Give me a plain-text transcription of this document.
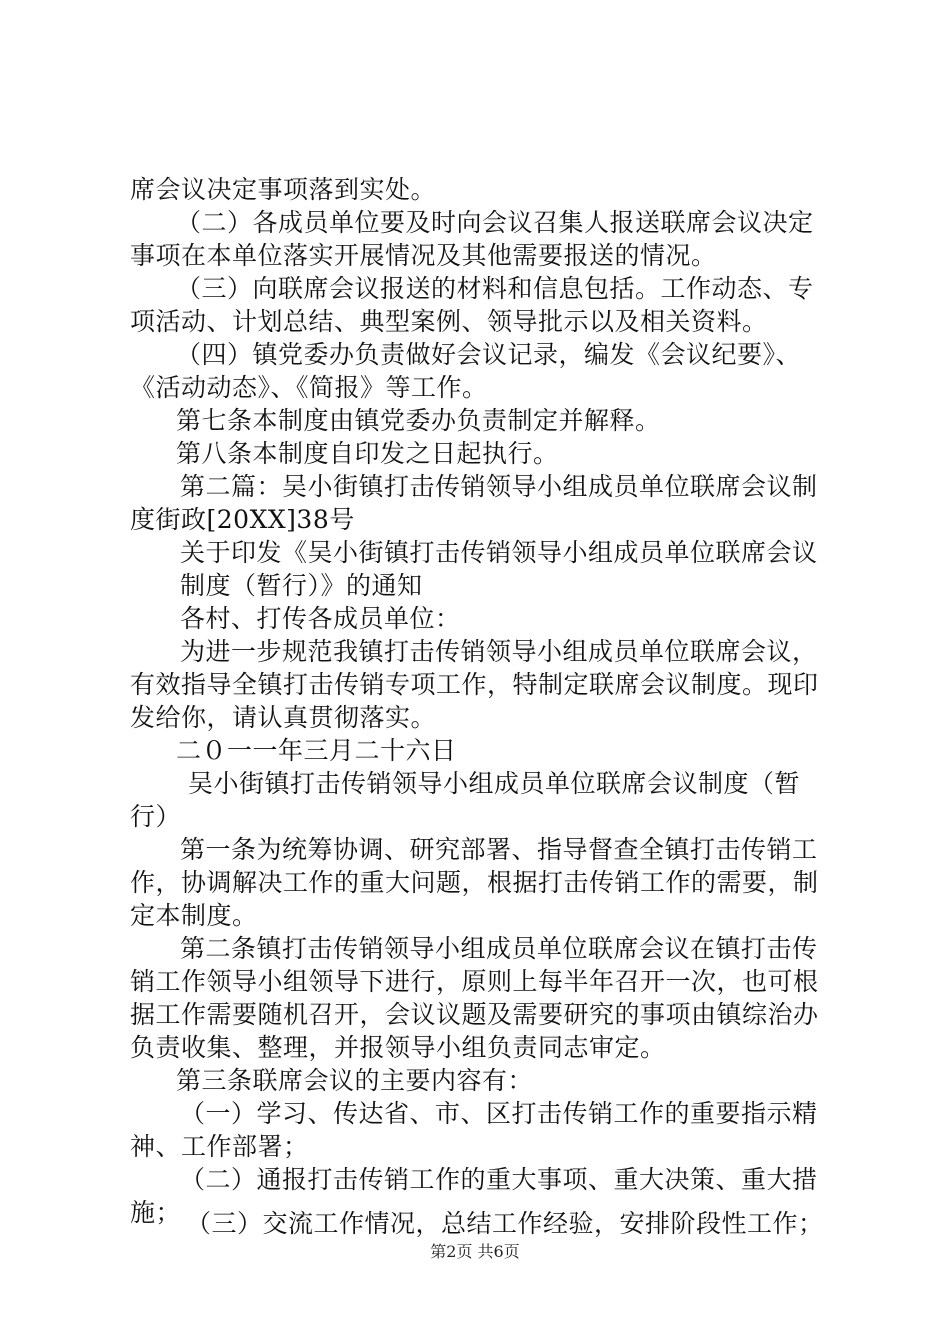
席会议决定事项落到实处。
（二）各成员单位要及时向会议召集人报送联席会议决定
事项在本单位落实开展情况及其他需要报送的情况。
（三）向联席会议报送的材料和信息包括。工作动态、专
项活动、计划总结、典型案例、领导批示以及相关资料。
（四）镇党委办负责做好会议记录，编发《会议纪要》、
《活动动态》、《简报》等工作。
第七条本制度由镇党委办负责制定并解释。
第八条本制度自印发之日起执行。
第二篇：吴小街镇打击传销领导小组成员单位联席会议制
度街政[20XX]38号
关于印发《吴小街镇打击传销领导小组成员单位联席会议
制度（暂行）》的通知
各村、打传各成员单位：
为进一步规范我镇打击传销领导小组成员单位联席会议，
有效指导全镇打击传销专项工作，特制定联席会议制度。现印
发给你，请认真贯彻落实。
二０一一年三月二十六日
吴小街镇打击传销领导小组成员单位联席会议制度（暂
行）
第一条为统筹协调、研究部署、指导督查全镇打击传销工
作，协调解决工作的重大问题，根据打击传销工作的需要，制
定本制度。
第二条镇打击传销领导小组成员单位联席会议在镇打击传
销工作领导小组领导下进行，原则上每半年召开一次，也可根
据工作需要随机召开，会议议题及需要研究的事项由镇综治办
负责收集、整理，并报领导小组负责同志审定。
第三条联席会议的主要内容有：
（一）学习、传达省、市、区打击传销工作的重要指示精
神、工作部署；
（二）通报打击传销工作的重大事项、重大决策、重大措
施； （三）交流工作情况，总结工作经验，安排阶段性工作；
第2页 共6页
